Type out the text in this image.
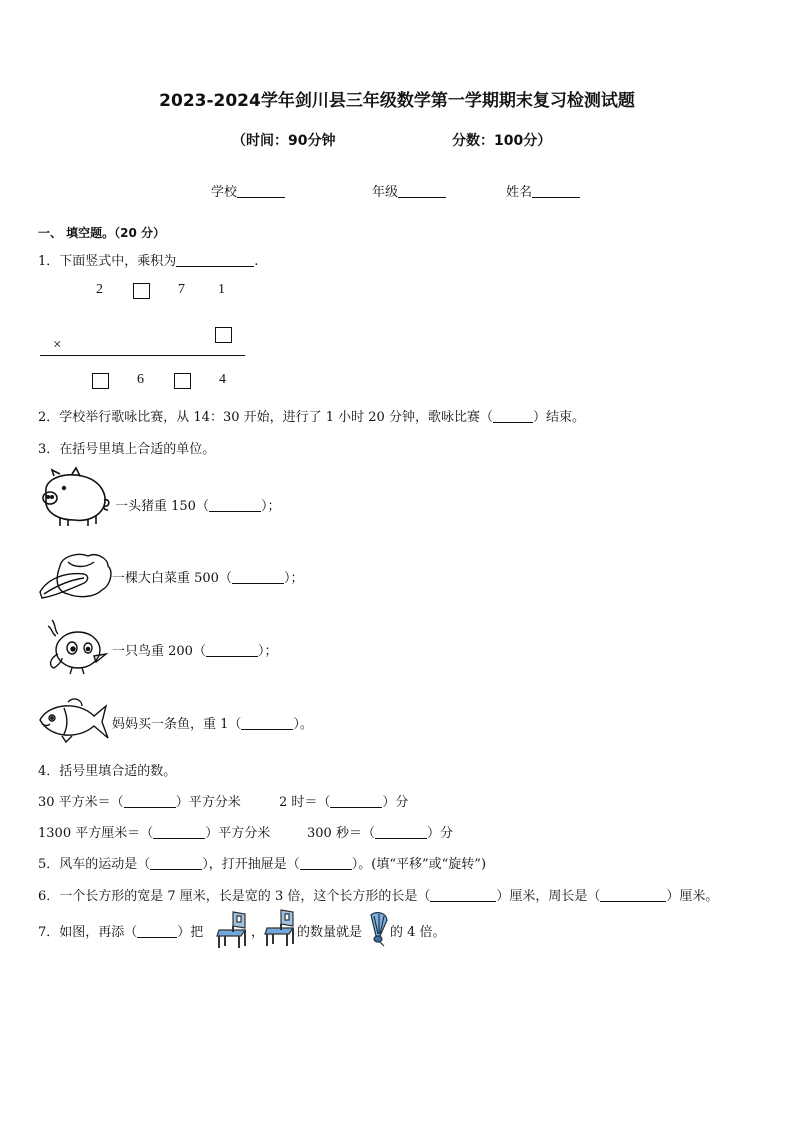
2023-2024学年剑川县三年级数学第一学期期末复习检测试题
（时间：90分钟	分数：100分）
学校	年级	姓名
一、 填空题。（20 分）
1．下面竖式中，乘积为	.
2	7 1
×
6	4
2．学校举行歌咏比赛，从 14：30 开始，进行了 1 小时 20 分钟，歌咏比赛（	）结束。
3．在括号里填上合适的单位。
一头猪重 150（	）；
一棵大白菜重 500（	）；
一只鸟重 200（	）；
妈妈买一条鱼，重 1（	）。
4．括号里填合适的数。
30 平方米＝（	）平方分米	2 时＝（	）分
1300 平方厘米＝（	）平方分米	300 秒＝（	）分
5．风车的运动是（	），打开抽屉是（	）。(填“平移”或“旋转”)
6．一个长方形的宽是 7 厘米，长是宽的 3 倍，这个长方形的长是（	）厘米，周长是（	）厘米。
7．如图，再添（	）把	，	的数量就是 的 4 倍。
